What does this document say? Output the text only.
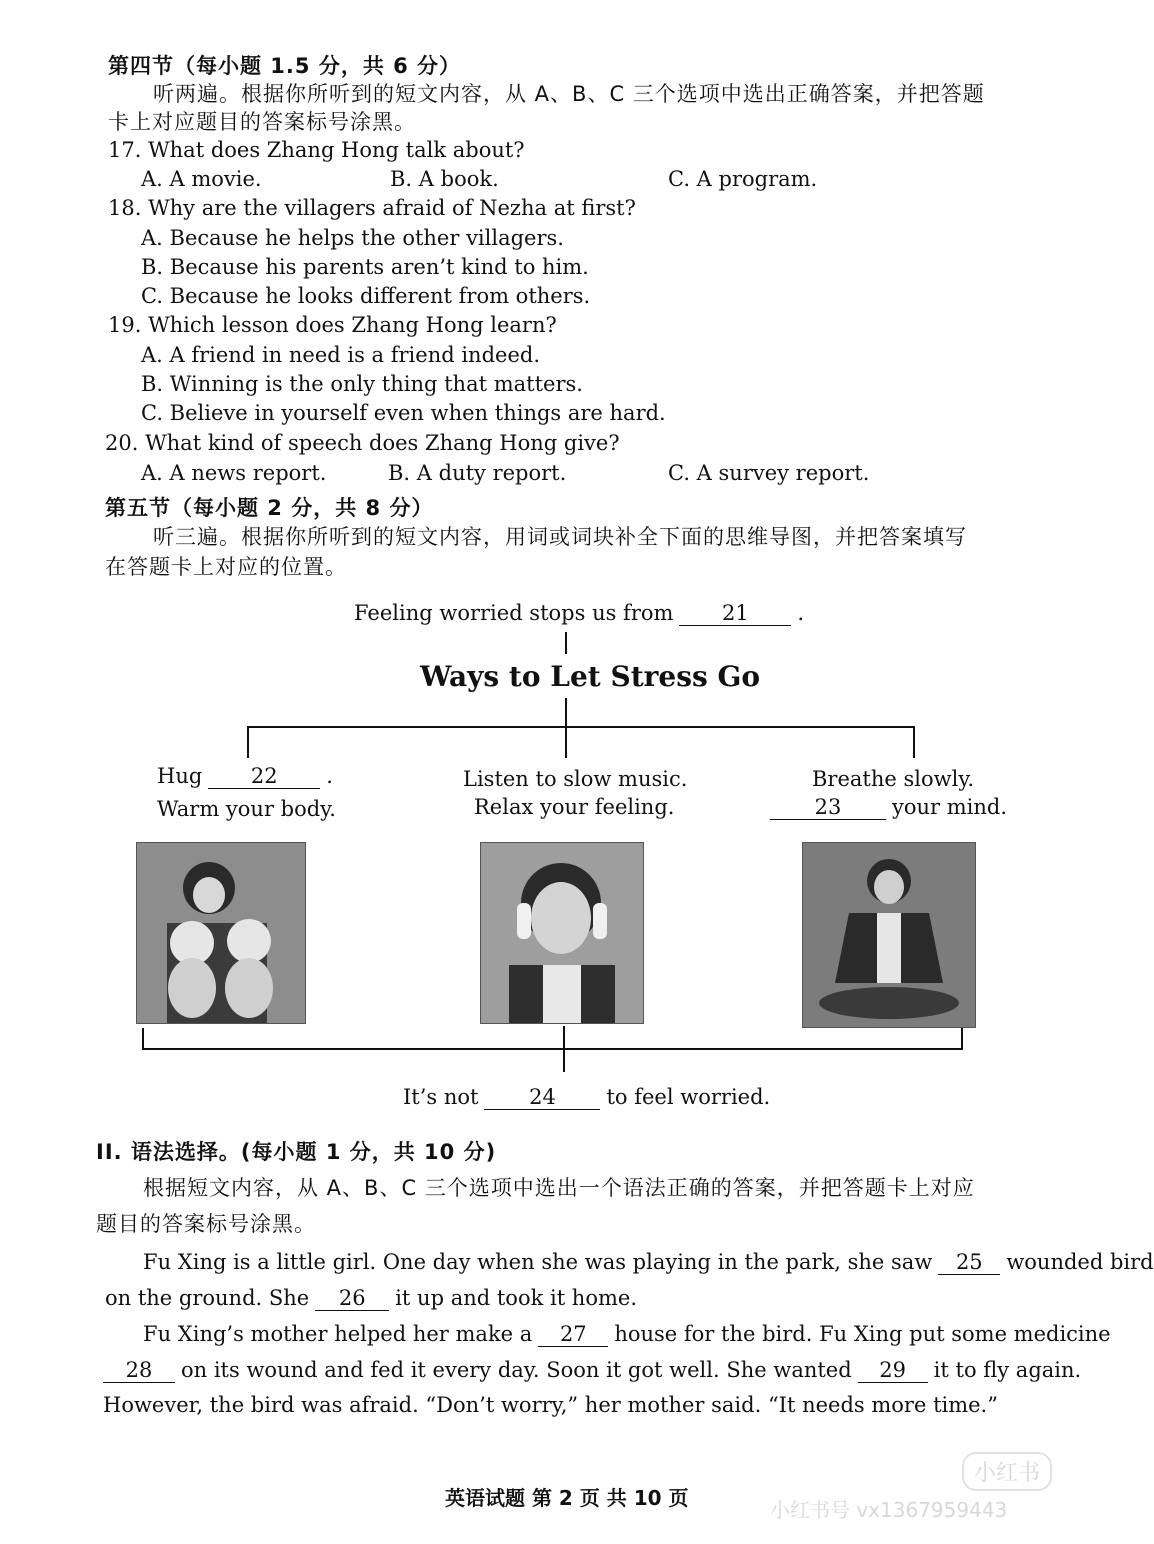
第四节（每小题 1.5 分，共 6 分）
听两遍。根据你所听到的短文内容，从 A、B、C 三个选项中选出正确答案，并把答题
卡上对应题目的答案标号涂黑。
17. What does Zhang Hong talk about?
A. A movie.	B. A book.	C. A program.
18. Why are the villagers afraid of Nezha at first?
A. Because he helps the other villagers.
B. Because his parents aren’t kind to him.
C. Because he looks different from others.
19. Which lesson does Zhang Hong learn?
A. A friend in need is a friend indeed.
B. Winning is the only thing that matters.
C. Believe in yourself even when things are hard.
20. What kind of speech does Zhang Hong give?
A. A news report.	B. A duty report.	C. A survey report.
第五节（每小题 2 分，共 8 分）
听三遍。根据你所听到的短文内容，用词或词块补全下面的思维导图，并把答案填写
在答题卡上对应的位置。
Feeling worried stops us from 21 .
Ways to Let Stress Go
Hug 22 .
Warm your body.
Listen to slow music.
Relax your feeling.
Breathe slowly.
23 your mind.
It’s not 24 to feel worried.
II. 语法选择。(每小题 1 分，共 10 分)
根据短文内容，从 A、B、C 三个选项中选出一个语法正确的答案，并把答题卡上对应
题目的答案标号涂黑。
Fu Xing is a little girl. One day when she was playing in the park, she saw 25 wounded bird
on the ground. She 26 it up and took it home.
Fu Xing’s mother helped her make a 27 house for the bird. Fu Xing put some medicine
28 on its wound and fed it every day. Soon it got well. She wanted 29 it to fly again.
However, the bird was afraid. “Don’t worry,” her mother said. “It needs more time.”
英语试题 第 2 页 共 10 页
小红书
小红书号 vx1367959443
